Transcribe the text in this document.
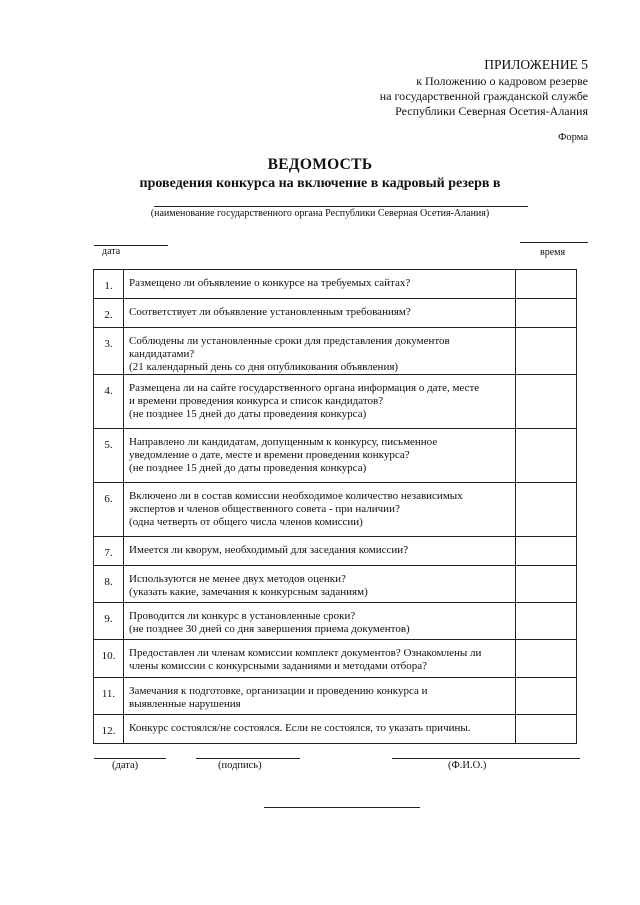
ПРИЛОЖЕНИЕ 5
к Положению о кадровом резерве
на государственной гражданской службе
Республики Северная Осетия-Алания
Форма
ВЕДОМОСТЬ
проведения конкурса на включение в кадровый резерв в
(наименование государственного органа Республики Северная Осетия-Алания)
дата	время
1.	Размещено ли объявление о конкурсе на требуемых сайтах?	

2.	Соответствует ли объявление установленным требованиям?	

3.	Соблюдены ли установленные сроки для представления документов
кандидатами?
(21 календарный день со дня опубликования объявления)	

4.	Размещена ли на сайте государственного органа информация о дате, месте
и времени проведения конкурса и список кандидатов?
(не позднее 15 дней до даты проведения конкурса)	

5.	Направлено ли кандидатам, допущенным к конкурсу, письменное
уведомление о дате, месте и времени проведения конкурса?
(не позднее 15 дней до даты проведения конкурса)	

6.	Включено ли в состав комиссии необходимое количество независимых
экспертов и членов общественного совета - при наличии?
(одна четверть от общего числа членов комиссии)	

7.	Имеется ли кворум, необходимый для заседания комиссии?	

8.	Используются не менее двух методов оценки?
(указать какие, замечания к конкурсным заданиям)	

9.	Проводится ли конкурс в установленные сроки?
(не позднее 30 дней со дня завершения приема документов)	

10.	Предоставлен ли членам комиссии комплект документов? Ознакомлены ли
члены комиссии с конкурсными заданиями и методами отбора?	

11.	Замечания к подготовке, организации и проведению конкурса и
выявленные нарушения	

12.	Конкурс состоялся/не состоялся. Если не состоялся, то указать причины.	

(дата)	(подпись)	(Ф.И.О.)
